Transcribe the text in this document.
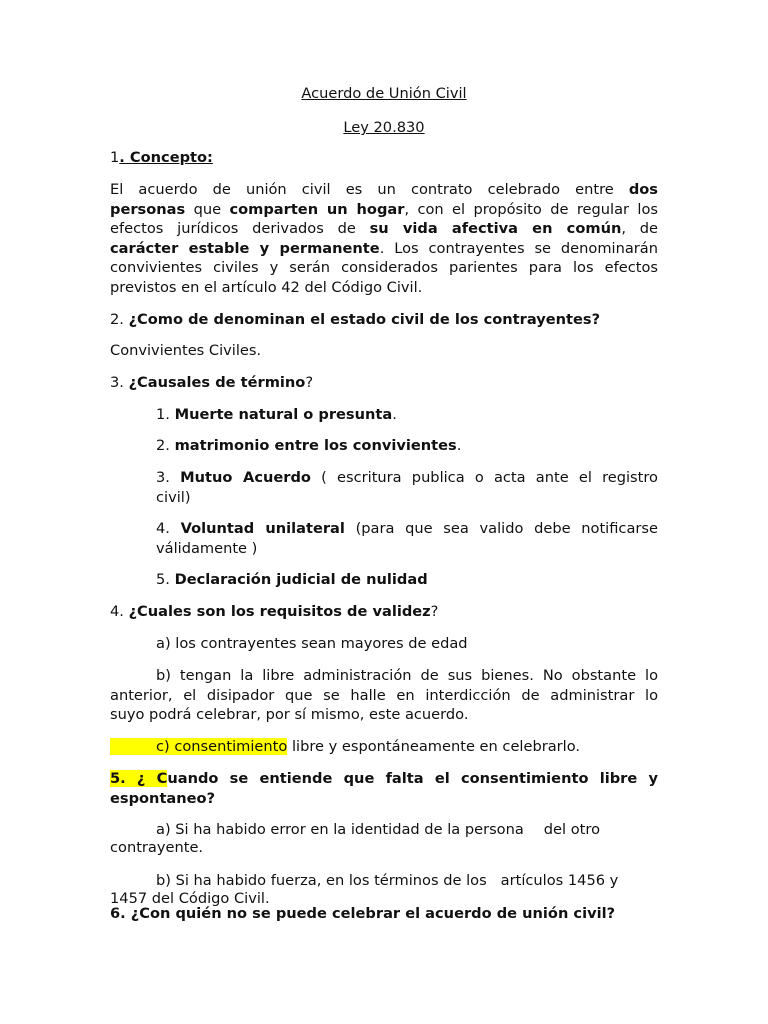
Acuerdo de Unión Civil
Ley 20.830
1. Concepto:
El acuerdo de unión civil es un contrato celebrado entre dos
personas que comparten un hogar, con el propósito de regular los
efectos jurídicos derivados de su vida afectiva en común, de
carácter estable y permanente. Los contrayentes se denominarán
convivientes civiles y serán considerados parientes para los efectos
previstos en el artículo 42 del Código Civil.
2. ¿Como de denominan el estado civil de los contrayentes?
Convivientes Civiles.
3. ¿Causales de término?
1. Muerte natural o presunta.
2. matrimonio entre los convivientes.
3. Mutuo Acuerdo ( escritura publica o acta ante el registro
civil)
4. Voluntad unilateral (para que sea valido debe notificarse
válidamente )
5. Declaración judicial de nulidad
4. ¿Cuales son los requisitos de validez?
a) los contrayentes sean mayores de edad
b) tengan la libre administración de sus bienes. No obstante lo
anterior, el disipador que se halle en interdicción de administrar lo
suyo podrá celebrar, por sí mismo, este acuerdo.
c) consentimiento libre y espontáneamente en celebrarlo.
5. ¿ Cuando se entiende que falta el consentimiento libre y
espontaneo?
a) Si ha habido error en la identidad de la persona del otro
contrayente.
b) Si ha habido fuerza, en los términos de los artículos 1456 y
1457 del Código Civil.
6. ¿Con quién no se puede celebrar el acuerdo de unión civil?
